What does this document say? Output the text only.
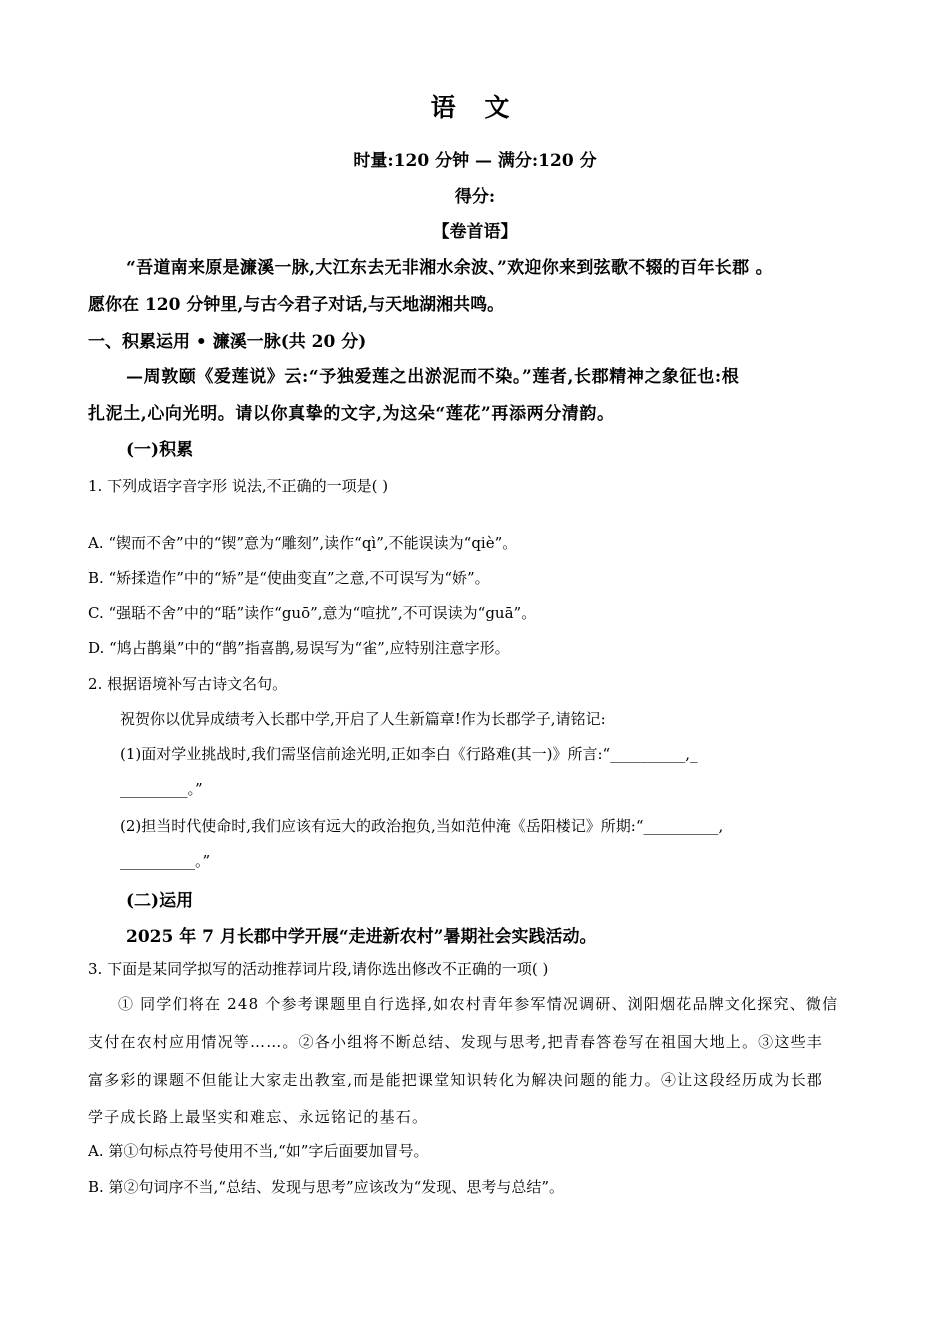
语 文
时量:120 分钟 — 满分:120 分
得分:
【卷首语】
“吾道南来原是濂溪一脉,大江东去无非湘水余波、”欢迎你来到弦歌不辍的百年长郡 。
愿你在 120 分钟里,与古今君子对话,与天地湖湘共鸣。
一、积累运用 • 濂溪一脉(共 20 分)
—周敦颐《爱莲说》云:“予独爱莲之出淤泥而不染。”莲者,长郡精神之象征也:根
扎泥土,心向光明。请以你真挚的文字,为这朵“莲花”再添两分清韵。
(一)积累
1. 下列成语字音字形 说法,不正确的一项是( )
A. “锲而不舍”中的“锲”意为“雕刻”,读作“qì”,不能误读为“qiè”。
B. “矫揉造作”中的“矫”是“使曲变直”之意,不可误写为“娇”。
C. “强聒不舍”中的“聒”读作“guō”,意为“喧扰”,不可误读为“guā”。
D. “鸠占鹊巢”中的“鹊”指喜鹊,易误写为“雀”,应特别注意字形。
2. 根据语境补写古诗文名句。
祝贺你以优异成绩考入长郡中学,开启了人生新篇章!作为长郡学子,请铭记:
(1)面对学业挑战时,我们需坚信前途光明,正如李白《行路难(其一)》所言:“__________,_
_________。”
(2)担当时代使命时,我们应该有远大的政治抱负,当如范仲淹《岳阳楼记》所期:“__________,
__________。”
(二)运用
2025 年 7 月长郡中学开展“走进新农村”暑期社会实践活动。
3. 下面是某同学拟写的活动推荐词片段,请你选出修改不正确的一项( )
① 同学们将在 248 个参考课题里自行选择,如农村青年参军情况调研、浏阳烟花品牌文化探究、微信
支付在农村应用情况等……。②各小组将不断总结、发现与思考,把青春答卷写在祖国大地上。③这些丰
富多彩的课题不但能让大家走出教室,而是能把课堂知识转化为解决问题的能力。④让这段经历成为长郡
学子成长路上最坚实和难忘、永远铭记的基石。
A. 第①句标点符号使用不当,“如”字后面要加冒号。
B. 第②句词序不当,“总结、发现与思考”应该改为“发现、思考与总结”。
